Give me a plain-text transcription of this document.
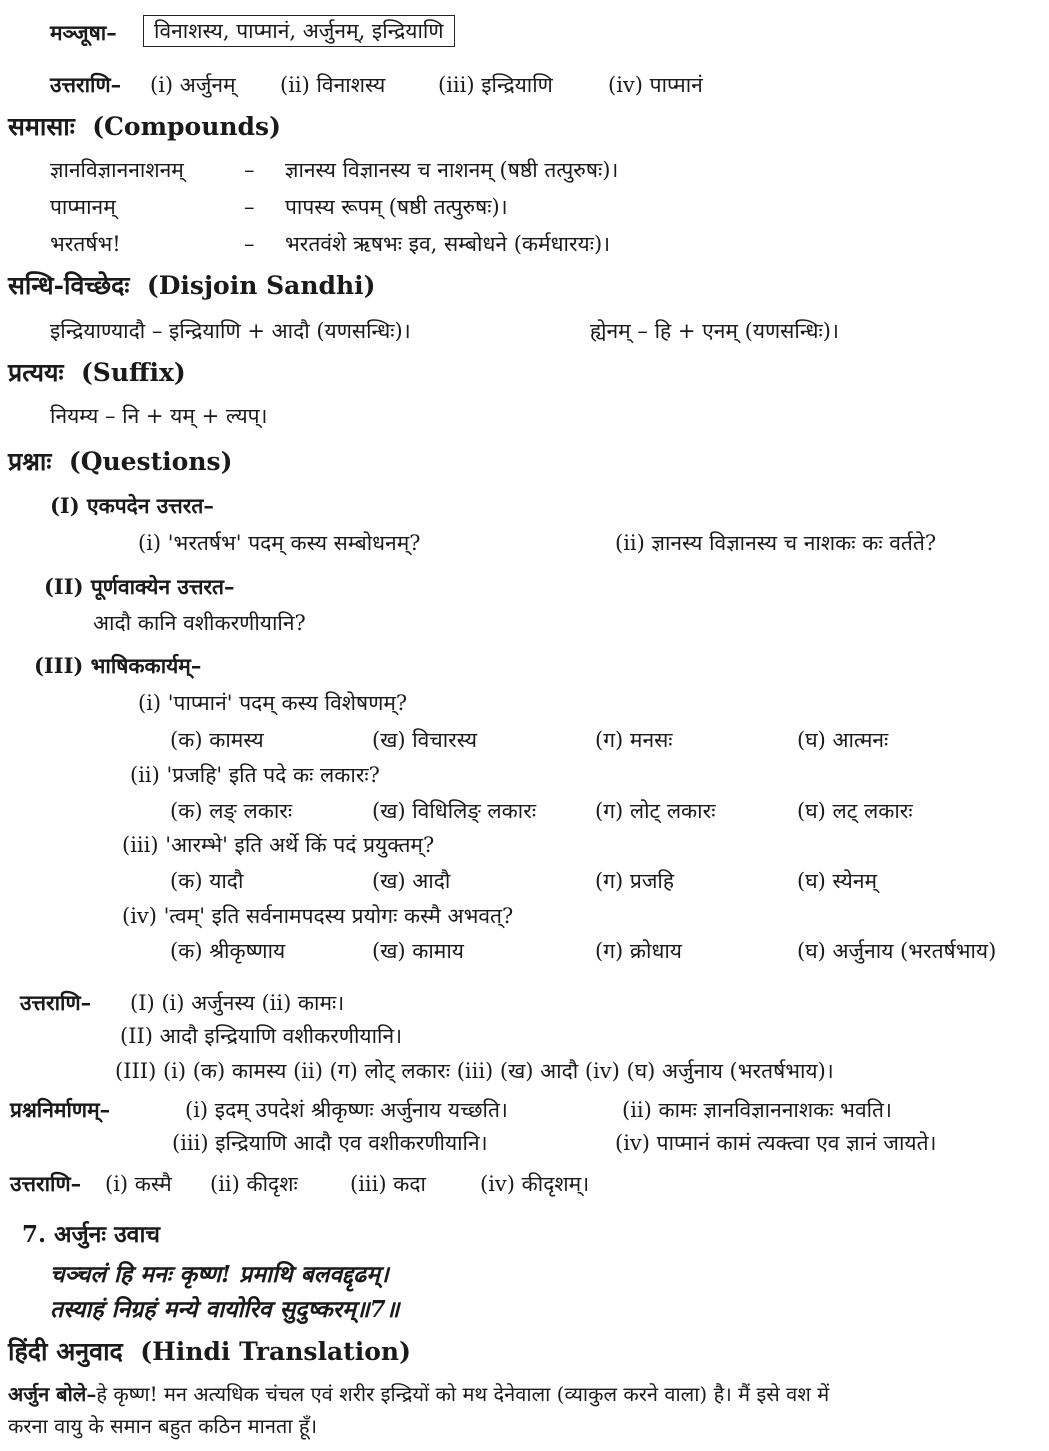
मञ्जूषा–	विनाशस्य, पाप्मानं, अर्जुनम्, इन्द्रियाणि
उत्तराणि– (i) अर्जुनम् (ii) विनाशस्य	(iii) इन्द्रियाणि	(iv) पाप्मानं
समासाः (Compounds)
ज्ञानविज्ञाननाशनम्	– ज्ञानस्य विज्ञानस्य च नाशनम् (षष्ठी तत्पुरुषः)।
पाप्मानम्	– पापस्य रूपम् (षष्ठी तत्पुरुषः)।
भरतर्षभ!	– भरतवंशे ऋषभः इव, सम्बोधने (कर्मधारयः)।
सन्धि-विच्छेदः (Disjoin Sandhi)
इन्द्रियाण्यादौ – इन्द्रियाणि + आदौ (यणसन्धिः)।	ह्येनम् – हि + एनम् (यणसन्धिः)।
प्रत्ययः (Suffix)
नियम्य – नि + यम् + ल्यप्।
प्रश्नाः (Questions)
(I) एकपदेन उत्तरत–
(i) 'भरतर्षभ' पदम् कस्य सम्बोधनम्?	(ii) ज्ञानस्य विज्ञानस्य च नाशकः कः वर्तते?
(II) पूर्णवाक्येन उत्तरत–
आदौ कानि वशीकरणीयानि?
(III) भाषिककार्यम्–
(i) 'पाप्मानं' पदम् कस्य विशेषणम्?
(क) कामस्य	(ख) विचारस्य	(ग) मनसः	(घ) आत्मनः
(ii) 'प्रजहि' इति पदे कः लकारः?
(क) लङ् लकारः	(ख) विधिलिङ् लकारः	(ग) लोट् लकारः	(घ) लट् लकारः
(iii) 'आरम्भे' इति अर्थे किं पदं प्रयुक्तम्?
(क) यादौ	(ख) आदौ	(ग) प्रजहि	(घ) स्येनम्
(iv) 'त्वम्' इति सर्वनामपदस्य प्रयोगः कस्मै अभवत्?
(क) श्रीकृष्णाय	(ख) कामाय	(ग) क्रोधाय	(घ) अर्जुनाय (भरतर्षभाय)
उत्तराणि– (I) (i) अर्जुनस्य (ii) कामः।
(II) आदौ इन्द्रियाणि वशीकरणीयानि।
(III) (i) (क) कामस्य (ii) (ग) लोट् लकारः (iii) (ख) आदौ (iv) (घ) अर्जुनाय (भरतर्षभाय)।
प्रश्ननिर्माणम्–	(i) इदम् उपदेशं श्रीकृष्णः अर्जुनाय यच्छति।	(ii) कामः ज्ञानविज्ञाननाशकः भवति।
(iii) इन्द्रियाणि आदौ एव वशीकरणीयानि।	(iv) पाप्मानं कामं त्यक्त्वा एव ज्ञानं जायते।
उत्तराणि– (i) कस्मै (ii) कीदृशः (iii) कदा	(iv) कीदृशम्।
7. अर्जुनः उवाच
चञ्चलं हि मनः कृष्ण! प्रमाथि बलवद्दृढम्।
तस्याहं निग्रहं मन्ये वायोरिव सुदुष्करम्॥7॥
हिंदी अनुवाद (Hindi Translation)
अर्जुन बोले–हे कृष्ण! मन अत्यधिक चंचल एवं शरीर इन्द्रियों को मथ देनेवाला (व्याकुल करने वाला) है। मैं इसे वश में
करना वायु के समान बहुत कठिन मानता हूँ।
